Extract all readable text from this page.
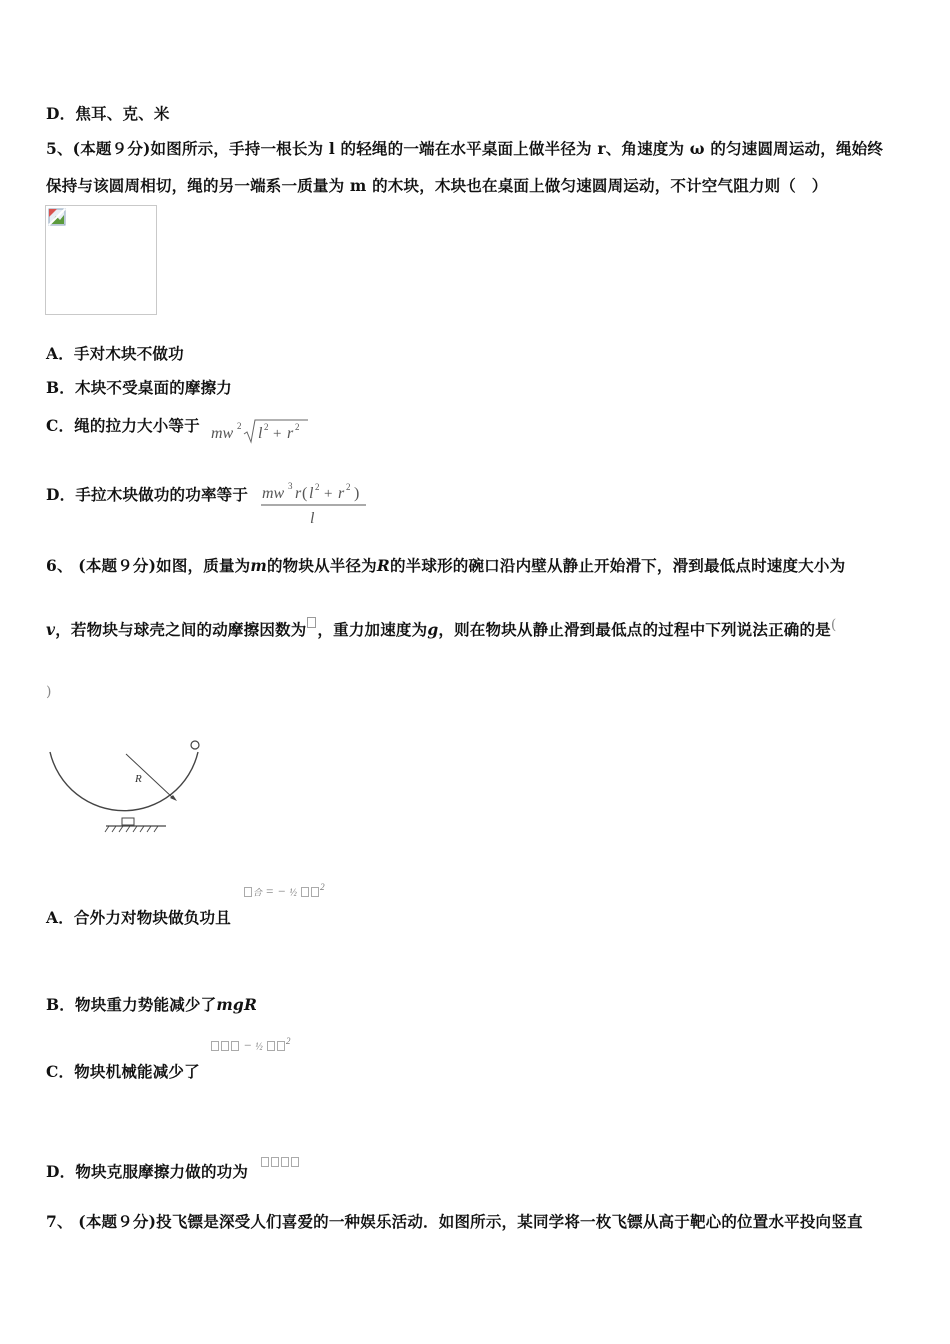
D．焦耳、克、米
5、(本题９分)如图所示，手持一根长为 l 的轻绳的一端在水平桌面上做半径为 r、角速度为 ω 的匀速圆周运动，绳始终
保持与该圆周相切，绳的另一端系一质量为 m 的木块，木块也在桌面上做匀速圆周运动，不计空气阻力则（　）
A．手对木块不做功
B．木块不受桌面的摩擦力
C．绳的拉力大小等于 mw 2 l 2 + r 2
D．手拉木块做功的功率等于 mw 3 r ( l 2 + r 2 )
l
6、 (本题９分)如图，质量为m的物块从半径为R的半球形的碗口沿内壁从静止开始滑下，滑到最低点时速度大小为
v，若物块与球壳之间的动摩擦因数为 ，重力加速度为g，则在物块从静止滑到最低点的过程中下列说法正确的是(
)
R
A．合外力对物块做负功且
合 = − ½ $^2$
B．物块重力势能减少了mgR
C．物块机械能减少了
− ½ $^2$
D．物块克服摩擦力做的功为
7、 (本题９分)投飞镖是深受人们喜爱的一种娱乐活动．如图所示，某同学将一枚飞镖从高于靶心的位置水平投向竖直
